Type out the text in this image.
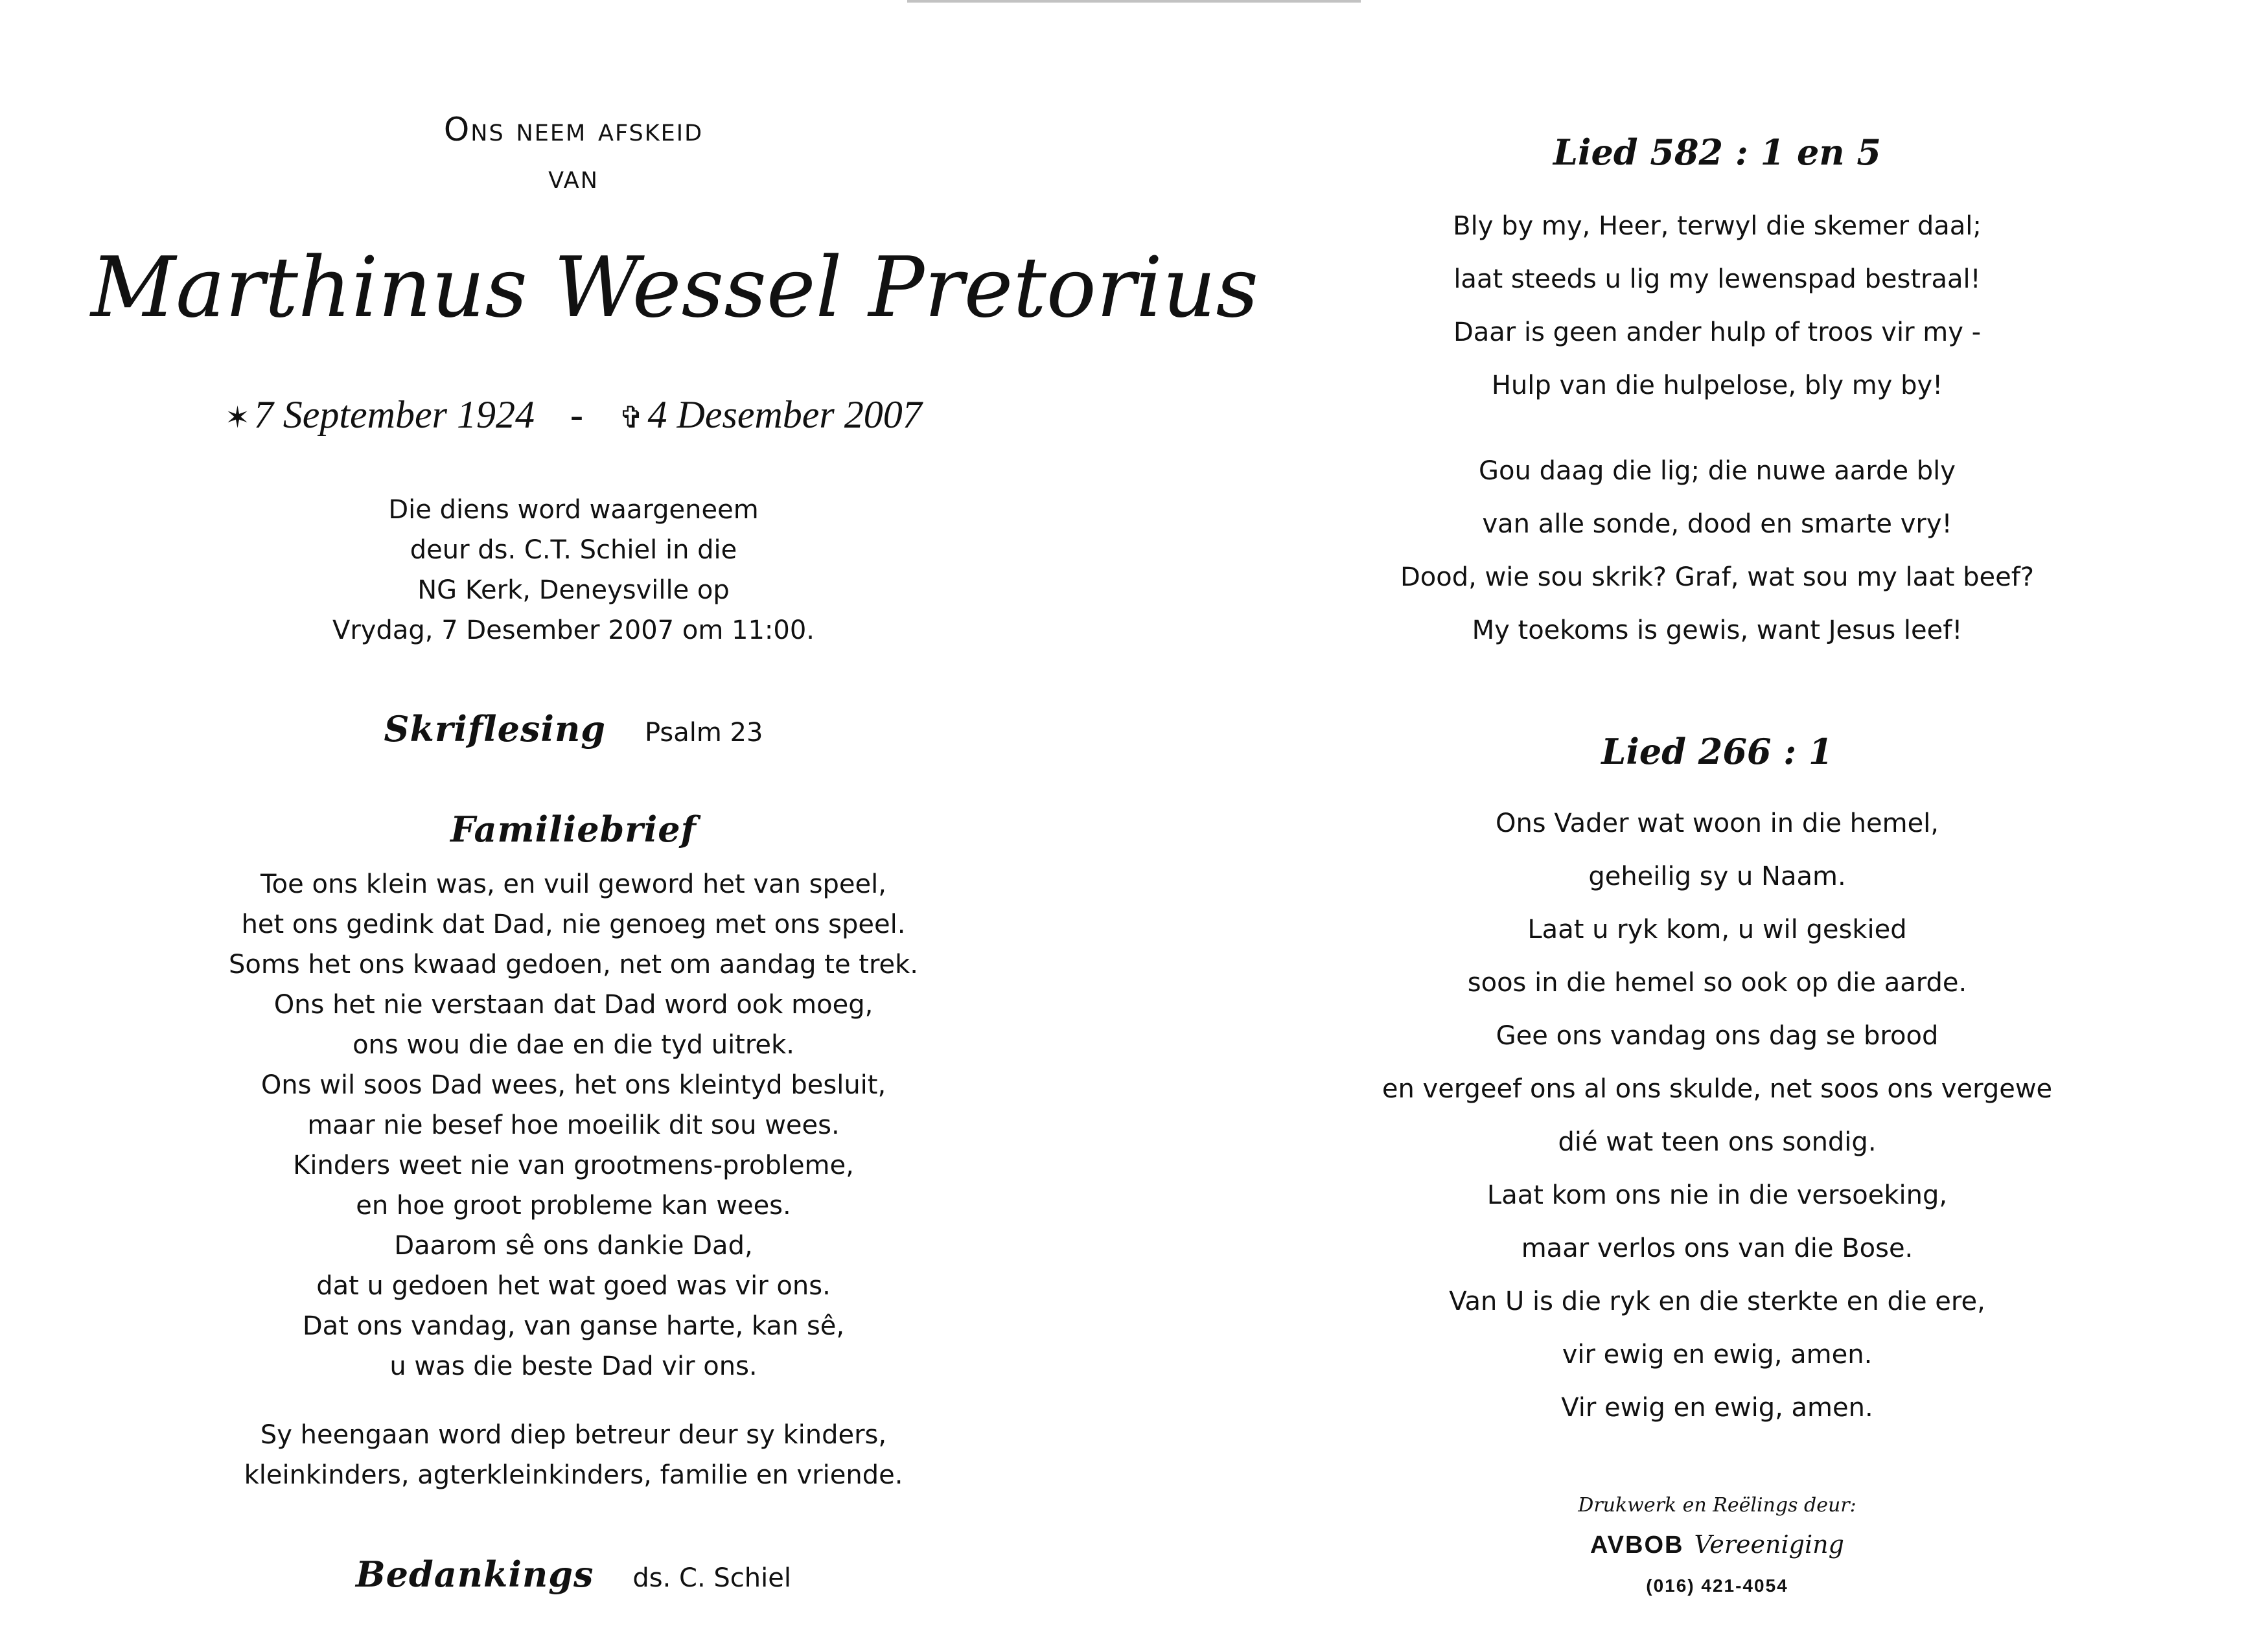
Ons neem afskeid

van

Marthinus Wessel Pretorius
✶ 7 September 1924 - ✞ 4 Desember 2007
Die diens word waargeneem
deur ds. C.T. Schiel in die
NG Kerk, Deneysville op
Vrydag, 7 Desember 2007 om 11:00.
Skriflesing Psalm 23
Familiebrief
Toe ons klein was, en vuil geword het van speel,
het ons gedink dat Dad, nie genoeg met ons speel.
Soms het ons kwaad gedoen, net om aandag te trek.
Ons het nie verstaan dat Dad word ook moeg,
ons wou die dae en die tyd uitrek.
Ons wil soos Dad wees, het ons kleintyd besluit,
maar nie besef hoe moeilik dit sou wees.
Kinders weet nie van grootmens-probleme,
en hoe groot probleme kan wees.
Daarom sê ons dankie Dad,
dat u gedoen het wat goed was vir ons.
Dat ons vandag, van ganse harte, kan sê,
u was die beste Dad vir ons.
Sy heengaan word diep betreur deur sy kinders,
kleinkinders, agterkleinkinders, familie en vriende.
Bedankings ds. C. Schiel
Lied 582 : 1 en 5
Bly by my, Heer, terwyl die skemer daal;
laat steeds u lig my lewenspad bestraal!
Daar is geen ander hulp of troos vir my -
Hulp van die hulpelose, bly my by!
Gou daag die lig; die nuwe aarde bly
van alle sonde, dood en smarte vry!
Dood, wie sou skrik? Graf, wat sou my laat beef?
My toekoms is gewis, want Jesus leef!
Lied 266 : 1
Ons Vader wat woon in die hemel,
geheilig sy u Naam.
Laat u ryk kom, u wil geskied
soos in die hemel so ook op die aarde.
Gee ons vandag ons dag se brood
en vergeef ons al ons skulde, net soos ons vergewe
dié wat teen ons sondig.
Laat kom ons nie in die versoeking,
maar verlos ons van die Bose.
Van U is die ryk en die sterkte en die ere,
vir ewig en ewig, amen.
Vir ewig en ewig, amen.
Drukwerk en Reëlings deur:
AVBOB Vereeniging
(016) 421-4054
